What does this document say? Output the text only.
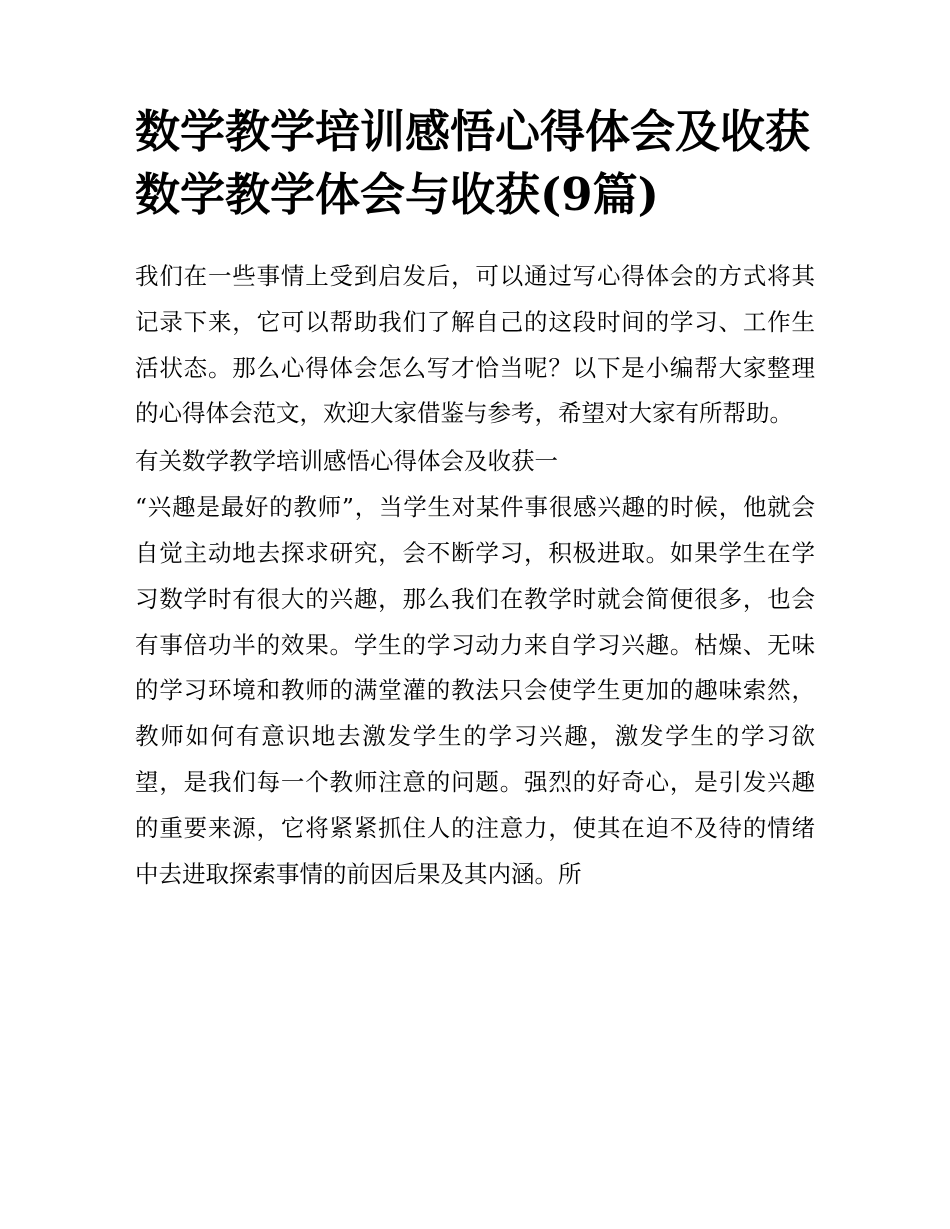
数学教学培训感悟心得体会及收获 数学教学体会与收获(9篇)

我们在一些事情上受到启发后，可以通过写心得体会的方式将其记录下来，它可以帮助我们了解自己的这段时间的学习、工作生活状态。那么心得体会怎么写才恰当呢？以下是小编帮大家整理的心得体会范文，欢迎大家借鉴与参考，希望对大家有所帮助。

有关数学教学培训感悟心得体会及收获一

“兴趣是最好的教师”，当学生对某件事很感兴趣的时候，他就会自觉主动地去探求研究，会不断学习，积极进取。如果学生在学习数学时有很大的兴趣，那么我们在教学时就会简便很多，也会有事倍功半的效果。学生的学习动力来自学习兴趣。枯燥、无味的学习环境和教师的满堂灌的教法只会使学生更加的趣味索然，教师如何有意识地去激发学生的学习兴趣，激发学生的学习欲望，是我们每一个教师注意的问题。强烈的好奇心，是引发兴趣的重要来源，它将紧紧抓住人的注意力，使其在迫不及待的情绪中去进取探索事情的前因后果及其内涵。所
